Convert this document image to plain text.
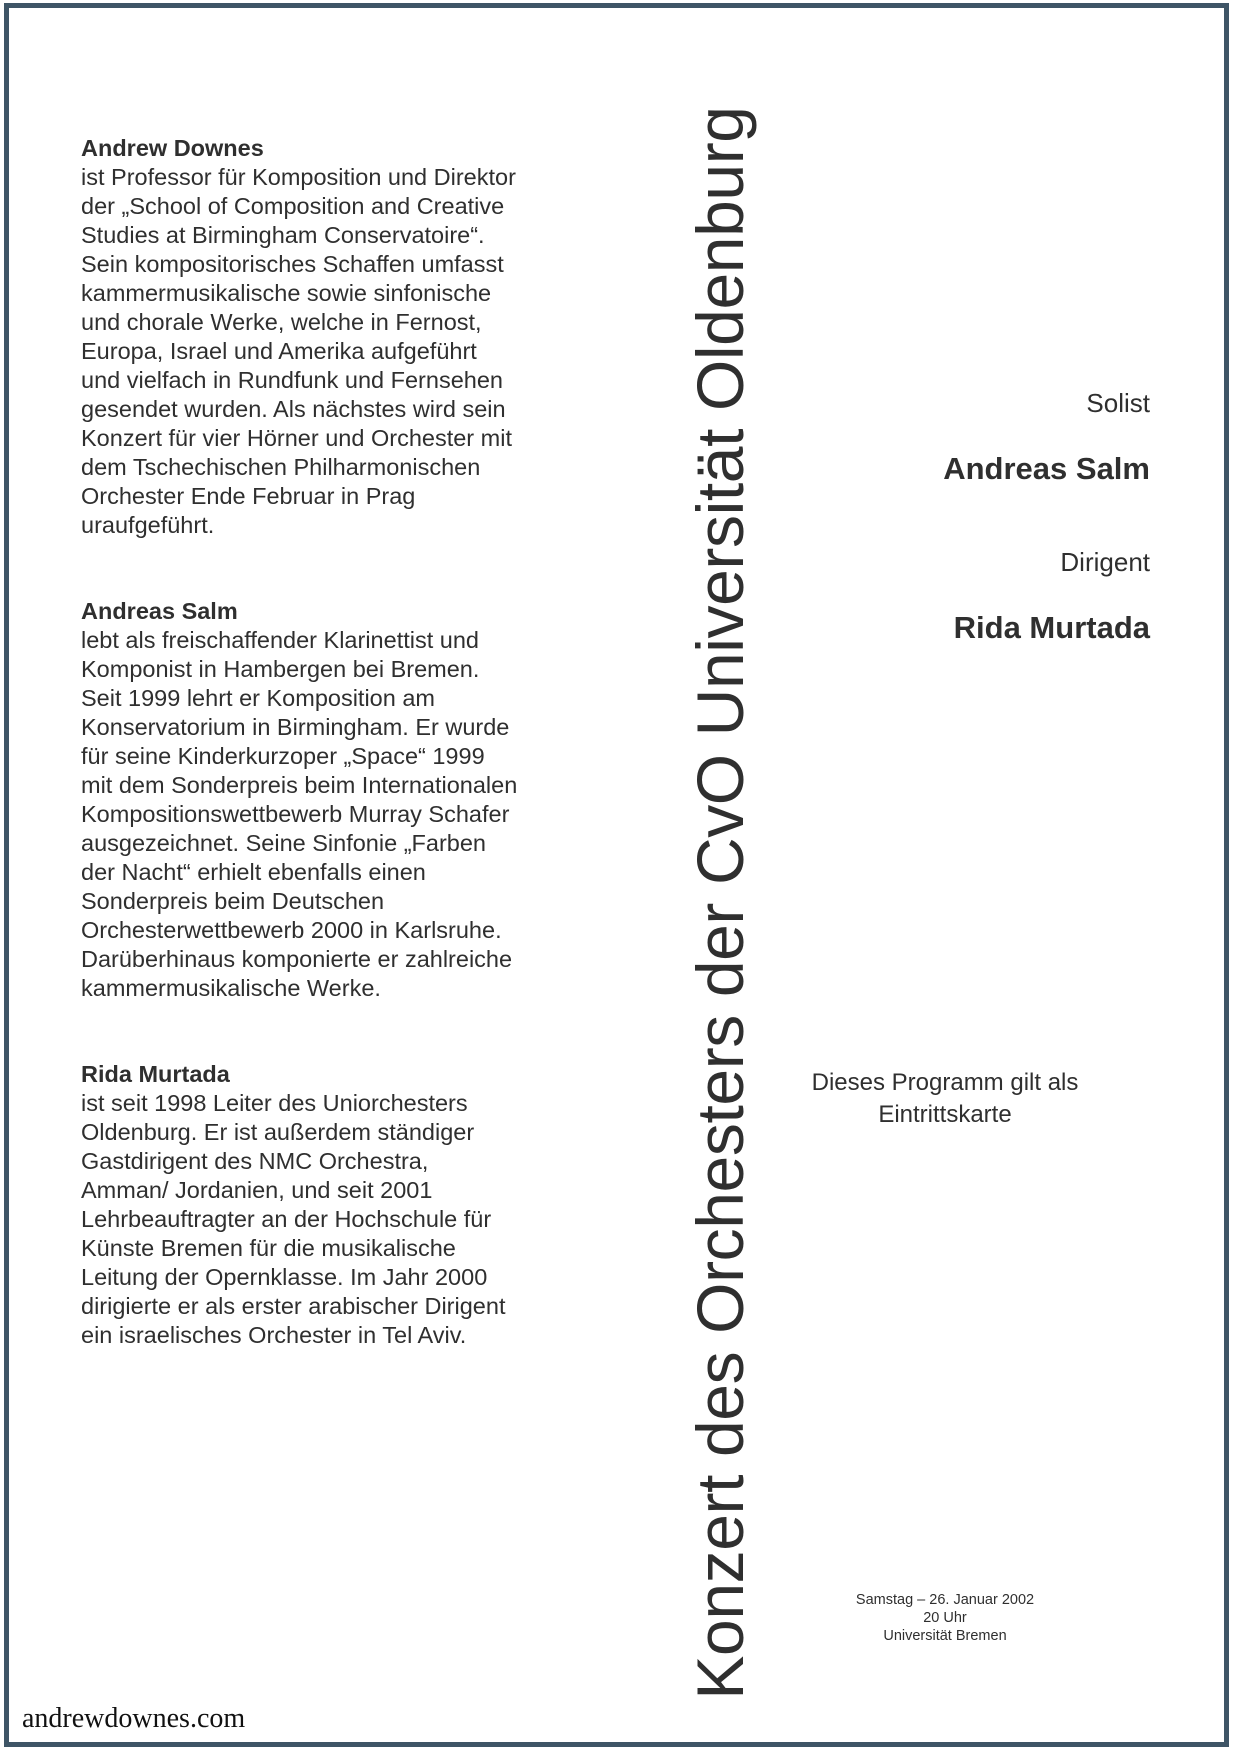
Andrew Downes
ist Professor für Komposition und Direktor
der „School of Composition and Creative
Studies at Birmingham Conservatoire“.
Sein kompositorisches Schaffen umfasst
kammermusikalische sowie sinfonische
und chorale Werke, welche in Fernost,
Europa, Israel und Amerika aufgeführt
und vielfach in Rundfunk und Fernsehen
gesendet wurden. Als nächstes wird sein
Konzert für vier Hörner und Orchester mit
dem Tschechischen Philharmonischen
Orchester Ende Februar in Prag
uraufgeführt.
Andreas Salm
lebt als freischaffender Klarinettist und
Komponist in Hambergen bei Bremen.
Seit 1999 lehrt er Komposition am
Konservatorium in Birmingham. Er wurde
für seine Kinderkurzoper „Space“ 1999
mit dem Sonderpreis beim Internationalen
Kompositionswettbewerb Murray Schafer
ausgezeichnet. Seine Sinfonie „Farben
der Nacht“ erhielt ebenfalls einen
Sonderpreis beim Deutschen
Orchesterwettbewerb 2000 in Karlsruhe.
Darüberhinaus komponierte er zahlreiche
kammermusikalische Werke.
Rida Murtada
ist seit 1998 Leiter des Uniorchesters
Oldenburg. Er ist außerdem ständiger
Gastdirigent des NMC Orchestra,
Amman/ Jordanien, und seit 2001
Lehrbeauftragter an der Hochschule für
Künste Bremen für die musikalische
Leitung der Opernklasse. Im Jahr 2000
dirigierte er als erster arabischer Dirigent
ein israelisches Orchester in Tel Aviv.	Konzert des Orchesters der CvO Universität Oldenburg	Solist
Andreas Salm
Dirigent
Rida Murtada
Dieses Programm gilt als
Eintrittskarte
Samstag – 26. Januar 2002
20 Uhr
Universität Bremen
andrewdownes.com
